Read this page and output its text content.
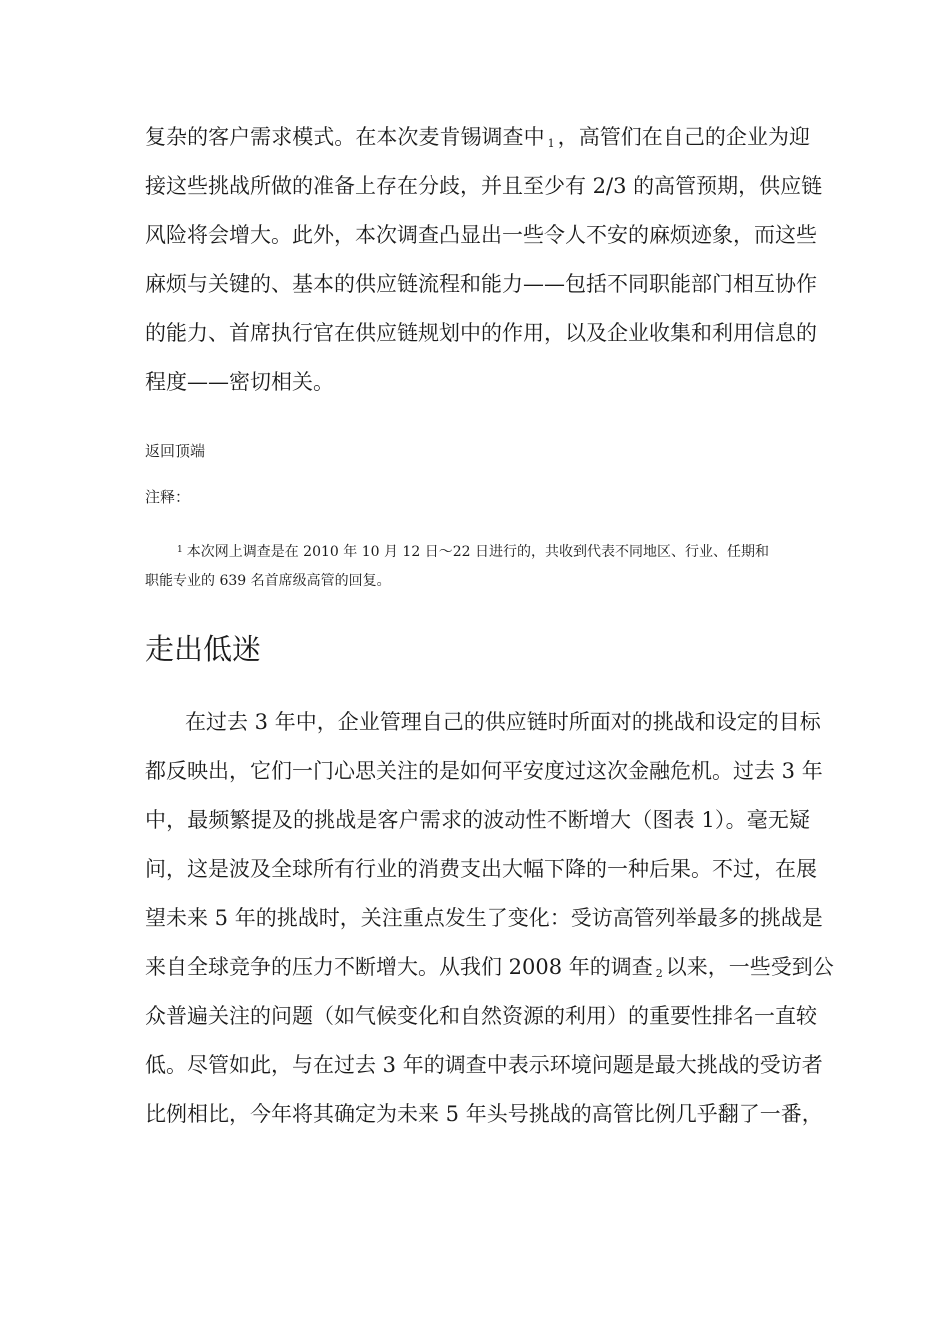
复杂的客户需求模式。在本次麦肯锡调查中 1 ，高管们在自己的企业为迎
接这些挑战所做的准备上存在分歧，并且至少有 2/3 的高管预期，供应链
风险将会增大。此外，本次调查凸显出一些令人不安的麻烦迹象，而这些
麻烦与关键的、基本的供应链流程和能力——包括不同职能部门相互协作
的能力、首席执行官在供应链规划中的作用，以及企业收集和利用信息的
程度——密切相关。
返回顶端
注释：
$^1$ 本次网上调查是在 2010 年 10 月 12 日～22 日进行的，共收到代表不同地区、行业、任期和
职能专业的 639 名首席级高管的回复。
走出低迷
在过去 3 年中，企业管理自己的供应链时所面对的挑战和设定的目标
都反映出，它们一门心思关注的是如何平安度过这次金融危机。过去 3 年
中，最频繁提及的挑战是客户需求的波动性不断增大（图表 1）。毫无疑
问，这是波及全球所有行业的消费支出大幅下降的一种后果。不过，在展
望未来 5 年的挑战时，关注重点发生了变化：受访高管列举最多的挑战是
来自全球竞争的压力不断增大。从我们 2008 年的调查 2 以来，一些受到公
众普遍关注的问题（如气候变化和自然资源的利用）的重要性排名一直较
低。尽管如此，与在过去 3 年的调查中表示环境问题是最大挑战的受访者
比例相比，今年将其确定为未来 5 年头号挑战的高管比例几乎翻了一番，
